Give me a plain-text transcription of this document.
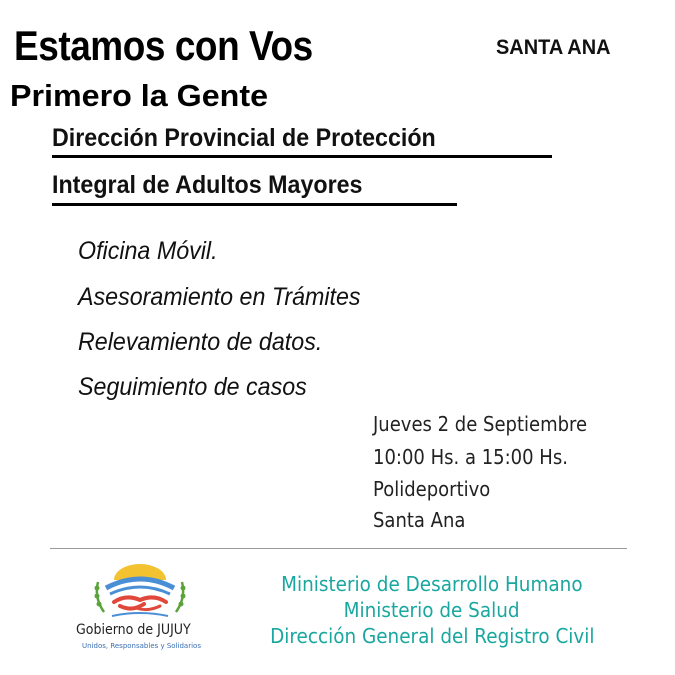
Estamos con Vos
Primero la Gente
SANTA ANA
Dirección Provincial de Protección
Integral de Adultos Mayores
Oficina Móvil.
Asesoramiento en Trámites
Relevamiento de datos.
Seguimiento de casos
Jueves 2 de Septiembre
10:00 Hs. a 15:00 Hs.
Polideportivo
Santa Ana
Gobierno de JUJUY
Unidos, Responsables y Solidarios
Ministerio de Desarrollo Humano
Ministerio de Salud
Dirección General del Registro Civil
